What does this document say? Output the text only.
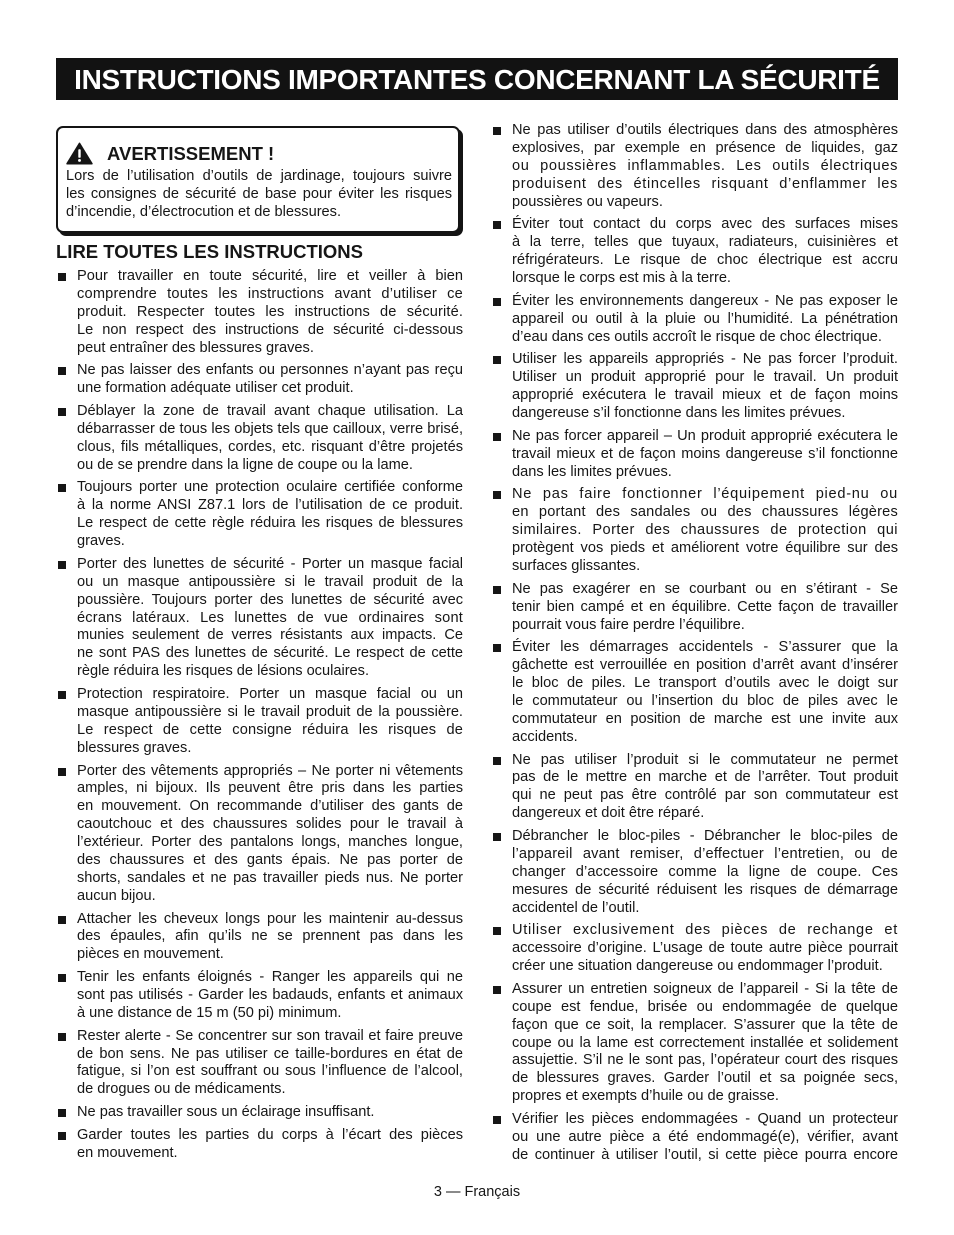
INSTRUCTIONS IMPORTANTES CONCERNANT LA SÉCURITÉ
AVERTISSEMENT !
Lors de l’utilisation d’outils de jardinage, toujours suivre
les consignes de sécurité de base pour éviter les risques
d’incendie, d’électrocution et de blessures.
LIRE TOUTES LES INSTRUCTIONS
Pour travailler en toute sécurité, lire et veiller à bien
comprendre toutes les instructions avant d’utiliser ce
produit. Respecter toutes les instructions de sécurité.
Le non respect des instructions de sécurité ci-dessous
peut entraîner des blessures graves.
Ne pas laisser des enfants ou personnes n’ayant pas reçu
une formation adéquate utiliser cet produit.
Déblayer la zone de travail avant chaque utilisation. La
débarrasser de tous les objets tels que cailloux, verre brisé,
clous, fils métalliques, cordes, etc. risquant d’être projetés
ou de se prendre dans la ligne de coupe ou la lame.
Toujours porter une protection oculaire certifiée conforme
à la norme ANSI Z87.1 lors de l’utilisation de ce produit.
Le respect de cette règle réduira les risques de blessures
graves.
Porter des lunettes de sécurité - Porter un masque facial
ou un masque antipoussière si le travail produit de la
poussière. Toujours porter des lunettes de sécurité avec
écrans latéraux. Les lunettes de vue ordinaires sont
munies seulement de verres résistants aux impacts. Ce
ne sont PAS des lunettes de sécurité. Le respect de cette
règle réduira les risques de lésions oculaires.
Protection respiratoire. Porter un masque facial ou un
masque antipoussière si le travail produit de la poussière.
Le respect de cette consigne réduira les risques de
blessures graves.
Porter des vêtements appropriés – Ne porter ni vêtements
amples, ni bijoux. Ils peuvent être pris dans les parties
en mouvement. On recommande d’utiliser des gants de
caoutchouc et des chaussures solides pour le travail à
l’extérieur. Porter des pantalons longs, manches longue,
des chaussures et des gants épais. Ne pas porter de
shorts, sandales et ne pas travailler pieds nus. Ne porter
aucun bijou.
Attacher les cheveux longs pour les maintenir au-dessus
des épaules, afin qu’ils ne se prennent pas dans les
pièces en mouvement.
Tenir les enfants éloignés - Ranger les appareils qui ne
sont pas utilisés - Garder les badauds, enfants et animaux
à une distance de 15 m (50 pi) minimum.
Rester alerte - Se concentrer sur son travail et faire preuve
de bon sens. Ne pas utiliser ce taille-bordures en état de
fatigue, si l’on est souffrant ou sous l’influence de l’alcool,
de drogues ou de médicaments.
Ne pas travailler sous un éclairage insuffisant.
Garder toutes les parties du corps à l’écart des pièces
en mouvement.
Ne pas utiliser d’outils électriques dans des atmosphères
explosives, par exemple en présence de liquides, gaz
ou poussières inflammables. Les outils électriques
produisent des étincelles risquant d’enflammer les
poussières ou vapeurs.
Éviter tout contact du corps avec des surfaces mises
à la terre, telles que tuyaux, radiateurs, cuisinières et
réfrigérateurs. Le risque de choc électrique est accru
lorsque le corps est mis à la terre.
Éviter les environnements dangereux - Ne pas exposer le
appareil ou outil à la pluie ou l’humidité. La pénétration
d’eau dans ces outils accroît le risque de choc électrique.
Utiliser les appareils appropriés - Ne pas forcer l’produit.
Utiliser un produit approprié pour le travail. Un produit
approprié exécutera le travail mieux et de façon moins
dangereuse s’il fonctionne dans les limites prévues.
Ne pas forcer appareil – Un produit approprié exécutera le
travail mieux et de façon moins dangereuse s’il fonctionne
dans les limites prévues.
Ne pas faire fonctionner l’équipement pied-nu ou
en portant des sandales ou des chaussures légères
similaires. Porter des chaussures de protection qui
protègent vos pieds et améliorent votre équilibre sur des
surfaces glissantes.
Ne pas exagérer en se courbant ou en s’étirant - Se
tenir bien campé et en équilibre. Cette façon de travailler
pourrait vous faire perdre l’équilibre.
Éviter les démarrages accidentels - S’assurer que la
gâchette est verrouillée en position d’arrêt avant d’insérer
le bloc de piles. Le transport d’outils avec le doigt sur
le commutateur ou l’insertion du bloc de piles avec le
commutateur en position de marche est une invite aux
accidents.
Ne pas utiliser l’produit si le commutateur ne permet
pas de le mettre en marche et de l’arrêter. Tout produit
qui ne peut pas être contrôlé par son commutateur est
dangereux et doit être réparé.
Débrancher le bloc-piles - Débrancher le bloc-piles de
l’appareil avant remiser, d’effectuer l’entretien, ou de
changer d’accessoire comme la ligne de coupe. Ces
mesures de sécurité réduisent les risques de démarrage
accidentel de l’outil.
Utiliser exclusivement des pièces de rechange et
accessoire d’origine. L’usage de toute autre pièce pourrait
créer une situation dangereuse ou endommager l’produit.
Assurer un entretien soigneux de l’appareil - Si la tête de
coupe est fendue, brisée ou endommagée de quelque
façon que ce soit, la remplacer. S’assurer que la tête de
coupe ou la lame est correctement installée et solidement
assujettie. S’il ne le sont pas, l’opérateur court des risques
de blessures graves. Garder l’outil et sa poignée secs,
propres et exempts d’huile ou de graisse.
Vérifier les pièces endommagées - Quand un protecteur
ou une autre pièce a été endommagé(e), vérifier, avant
de continuer à utiliser l’outil, si cette pièce pourra encore
3 — Français
